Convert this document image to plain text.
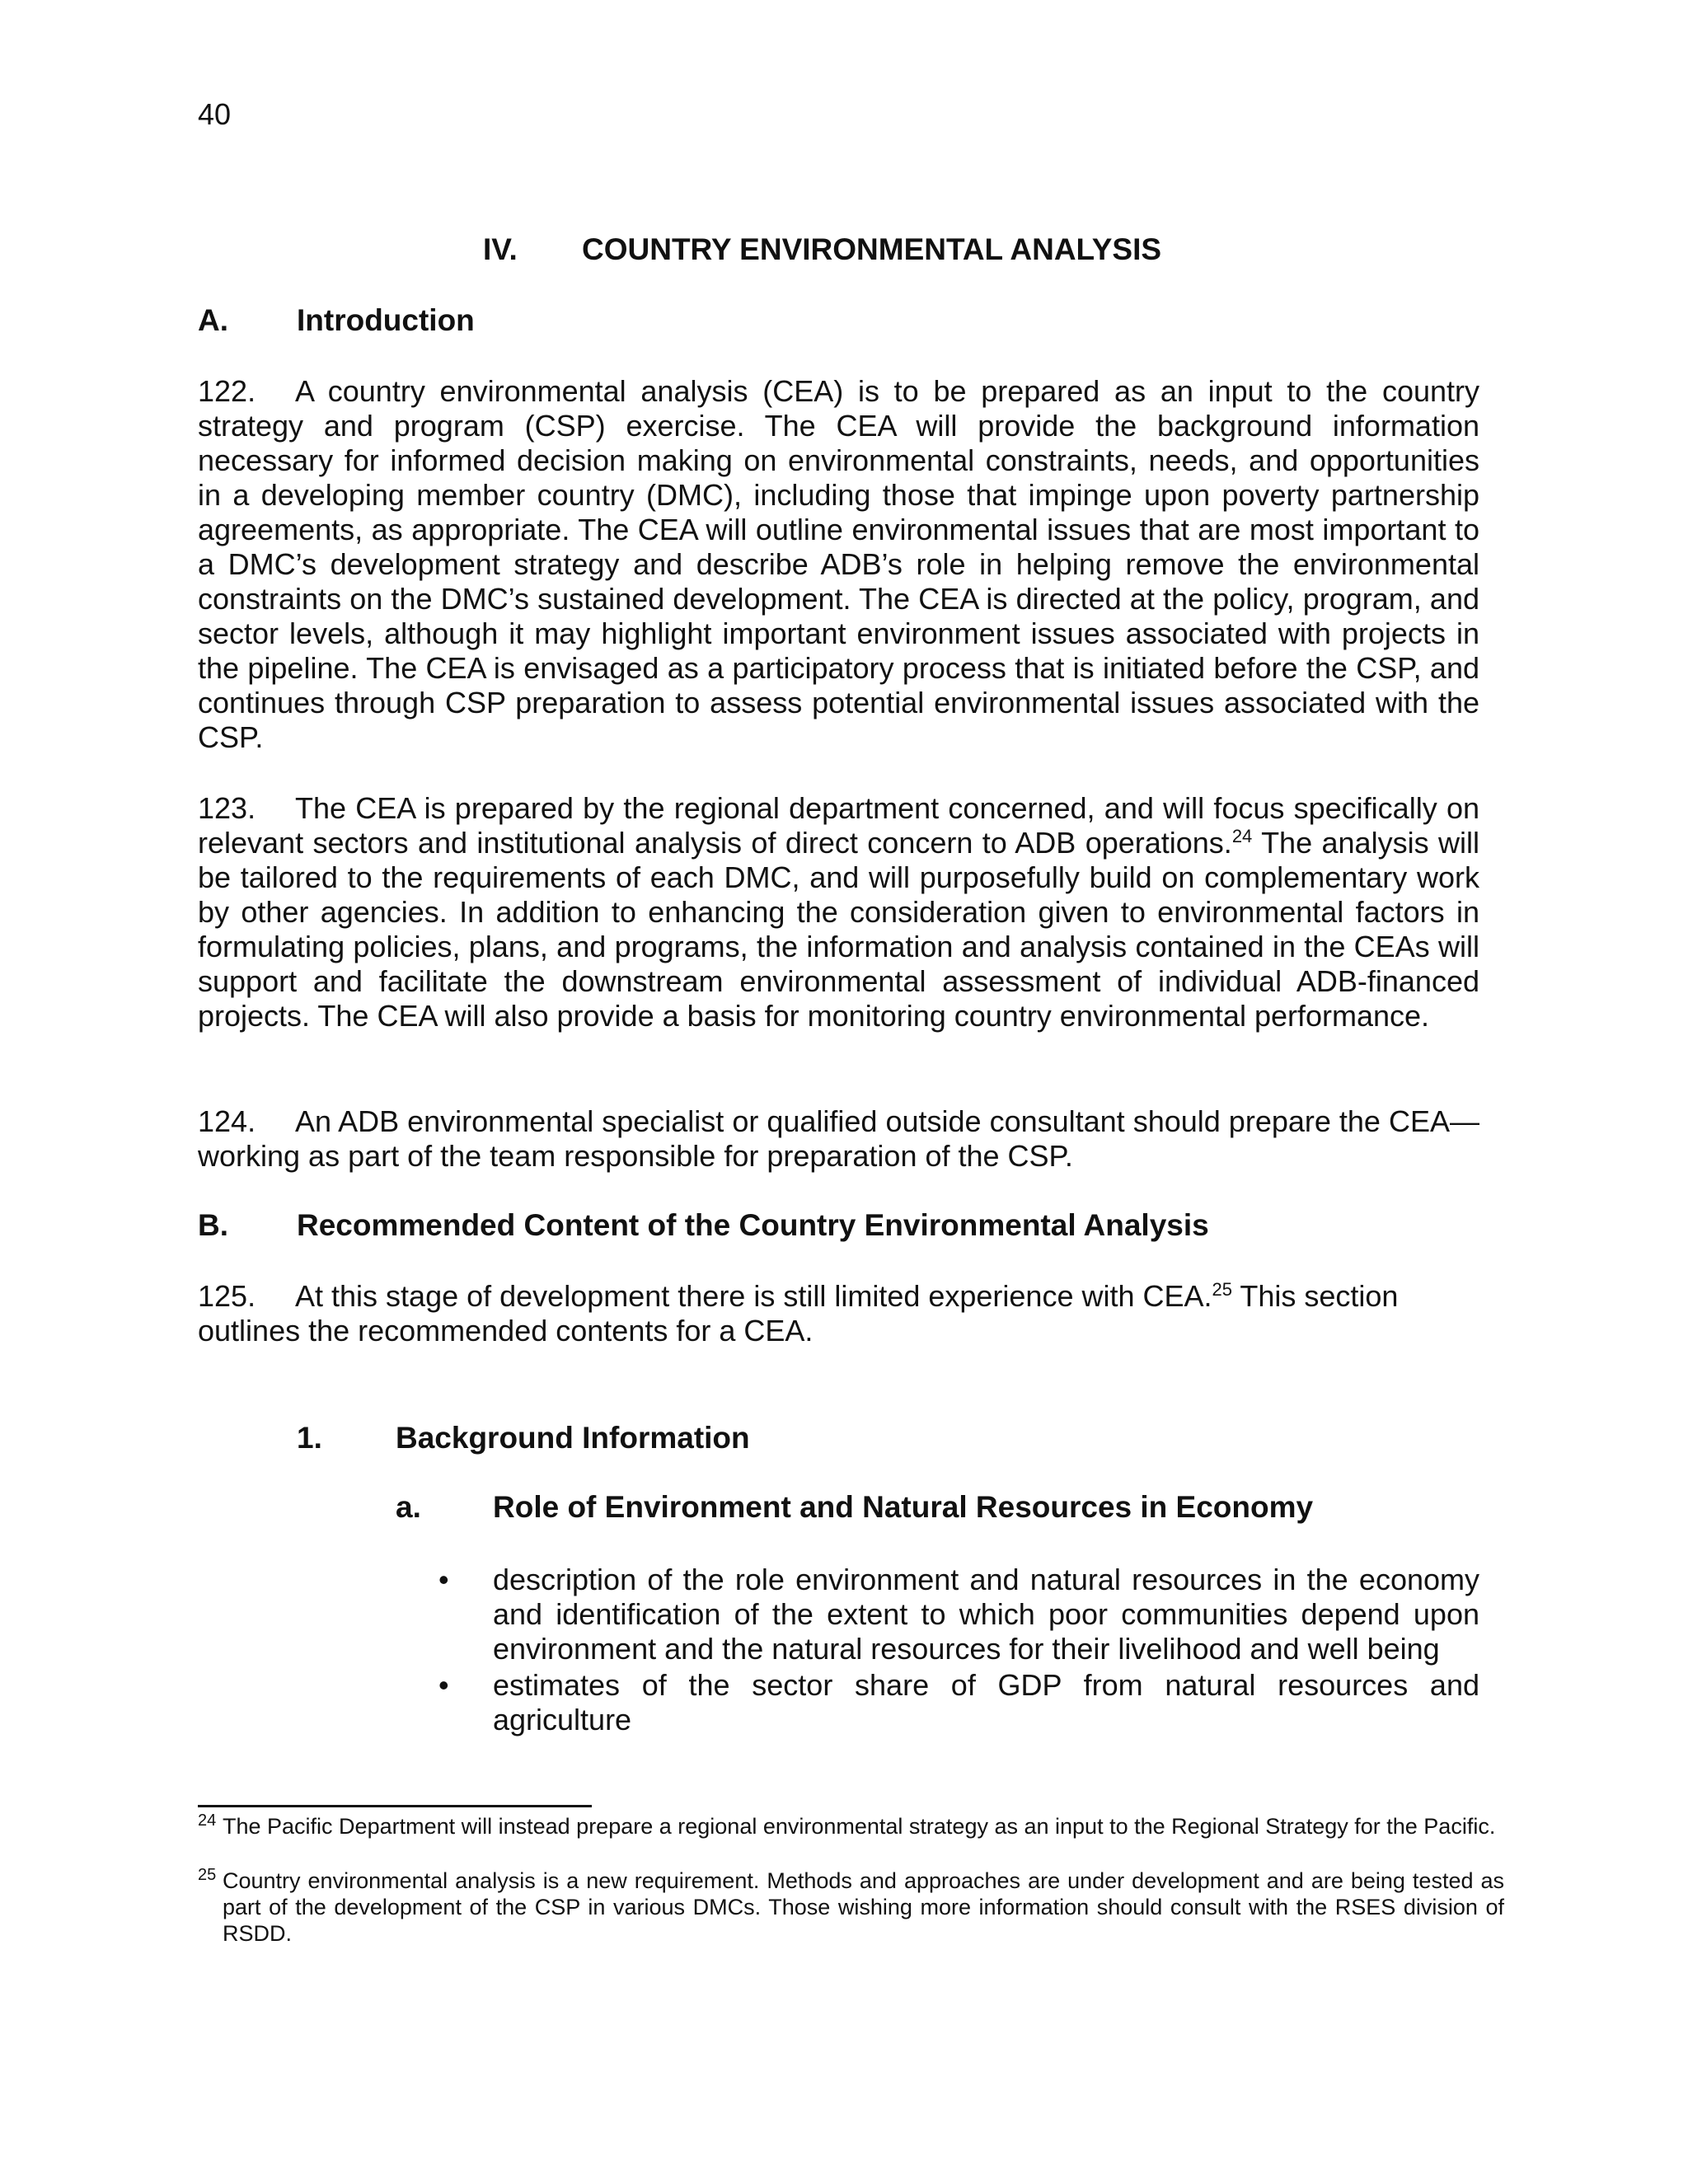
40
IV. COUNTRY ENVIRONMENTAL ANALYSIS
A. Introduction

122. A country environmental analysis (CEA) is to be prepared as an input to the country strategy and program (CSP) exercise. The CEA will provide the background information necessary for informed decision making on environmental constraints, needs, and opportunities in a developing member country (DMC), including those that impinge upon poverty partnership agreements, as appropriate. The CEA will outline environmental issues that are most important to a DMC’s development strategy and describe ADB’s role in helping remove the environmental constraints on the DMC’s sustained development. The CEA is directed at the policy, program, and sector levels, although it may highlight important environment issues associated with projects in the pipeline. The CEA is envisaged as a participatory process that is initiated before the CSP, and continues through CSP preparation to assess potential environmental issues associated with the CSP.

123. The CEA is prepared by the regional department concerned, and will focus specifically on relevant sectors and institutional analysis of direct concern to ADB operations.$^{24}$ The analysis will be tailored to the requirements of each DMC, and will purposefully build on complementary work by other agencies. In addition to enhancing the consideration given to environmental factors in formulating policies, plans, and programs, the information and analysis contained in the CEAs will support and facilitate the downstream environmental assessment of individual ADB-financed projects. The CEA will also provide a basis for monitoring country environmental performance.

124. An ADB environmental specialist or qualified outside consultant should prepare the CEA—working as part of the team responsible for preparation of the CSP.

B. Recommended Content of the Country Environmental Analysis

125. At this stage of development there is still limited experience with CEA.$^{25}$ This section outlines the recommended contents for a CEA.

1. Background Information
a. Role of Environment and Natural Resources in Economy
• description of the role environment and natural resources in the economy and identification of the extent to which poor communities depend upon environment and the natural resources for their livelihood and well being
• estimates of the sector share of GDP from natural resources and agriculture

24 The Pacific Department will instead prepare a regional environmental strategy as an input to the Regional Strategy for the Pacific.

25 Country environmental analysis is a new requirement. Methods and approaches are under development and are being tested as part of the development of the CSP in various DMCs. Those wishing more information should consult with the RSES division of RSDD.
